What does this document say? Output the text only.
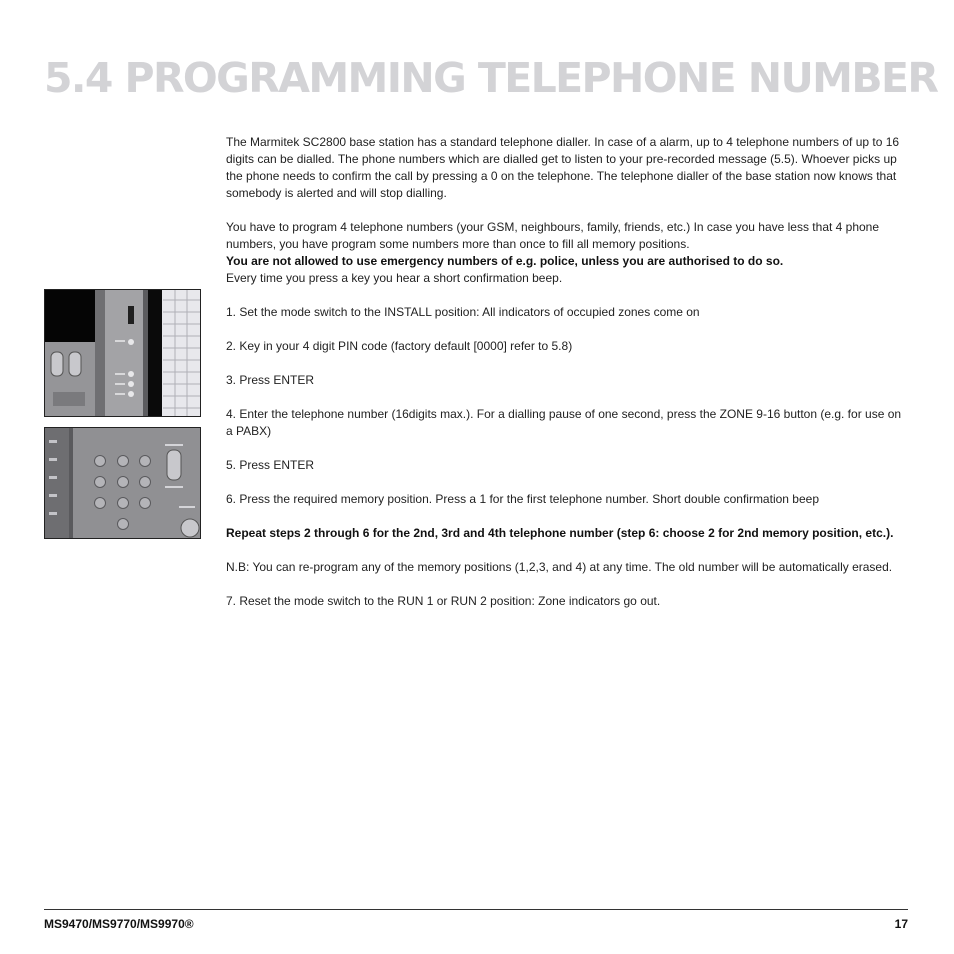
5.4 PROGRAMMING TELEPHONE NUMBER

The Marmitek SC2800 base station has a standard telephone dialler. In case of a alarm, up to 4 telephone numbers of up to 16 digits can be dialled. The phone numbers which are dialled get to listen to your pre-recorded message (5.5). Whoever picks up the phone needs to confirm the call by pressing a 0 on the telephone. The telephone dialler of the base station now knows that somebody is alerted and will stop dialling.

You have to program 4 telephone numbers (your GSM, neighbours, family, friends, etc.) In case you have less that 4 phone numbers, you have program some numbers more than once to fill all memory positions.

You are not allowed to use emergency numbers of e.g. police, unless you are authorised to do so.

Every time you press a key you hear a short confirmation beep.

1. Set the mode switch to the INSTALL position: All indicators of occupied zones come on

2. Key in your 4 digit PIN code (factory default [0000] refer to 5.8)

3. Press ENTER

4. Enter the telephone number (16digits max.). For a dialling pause of one second, press the ZONE 9-16 button (e.g. for use on a PABX)

5. Press ENTER

6. Press the required memory position. Press a 1 for the first telephone number. Short double confirmation beep

Repeat steps 2 through 6 for the 2nd, 3rd and 4th telephone number (step 6: choose 2 for 2nd memory position, etc.).

N.B: You can re-program any of the memory positions (1,2,3, and 4) at any time. The old number will be automatically erased.

7. Reset the mode switch to the RUN 1 or RUN 2 position: Zone indicators go out.

MS9470/MS9770/MS9970®	17
